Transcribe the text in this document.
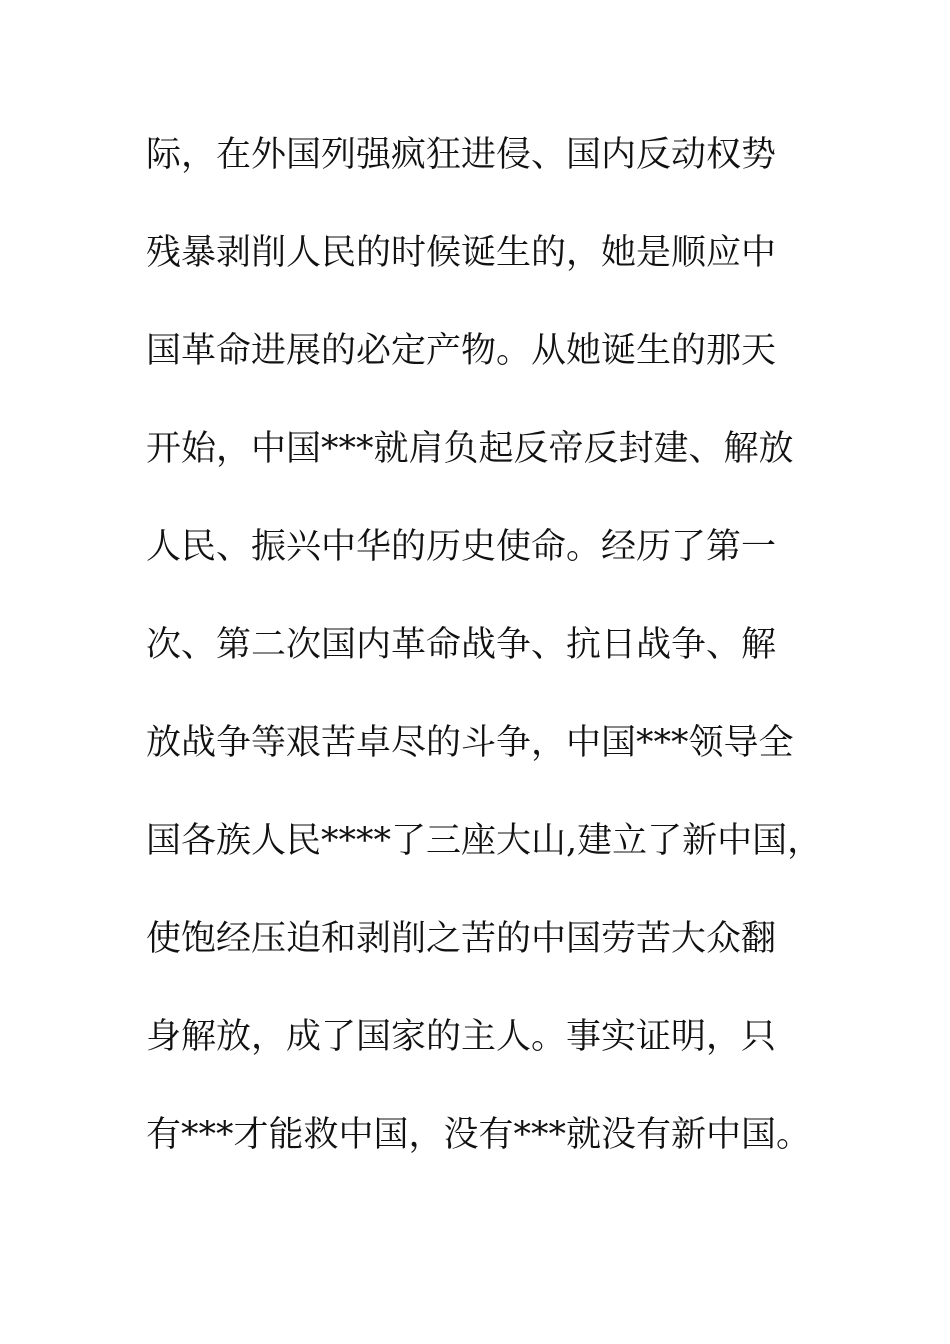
际，在外国列强疯狂进侵、国内反动权势
残暴剥削人民的时候诞生的，她是顺应中
国革命进展的必定产物。从她诞生的那天
开始，中国***就肩负起反帝反封建、解放
人民、振兴中华的历史使命。经历了第一
次、第二次国内革命战争、抗日战争、解
放战争等艰苦卓尽的斗争，中国***领导全
国各族人民****了三座大山,建立了新中国，
使饱经压迫和剥削之苦的中国劳苦大众翻
身解放，成了国家的主人。事实证明，只
有***才能救中国，没有***就没有新中国。
